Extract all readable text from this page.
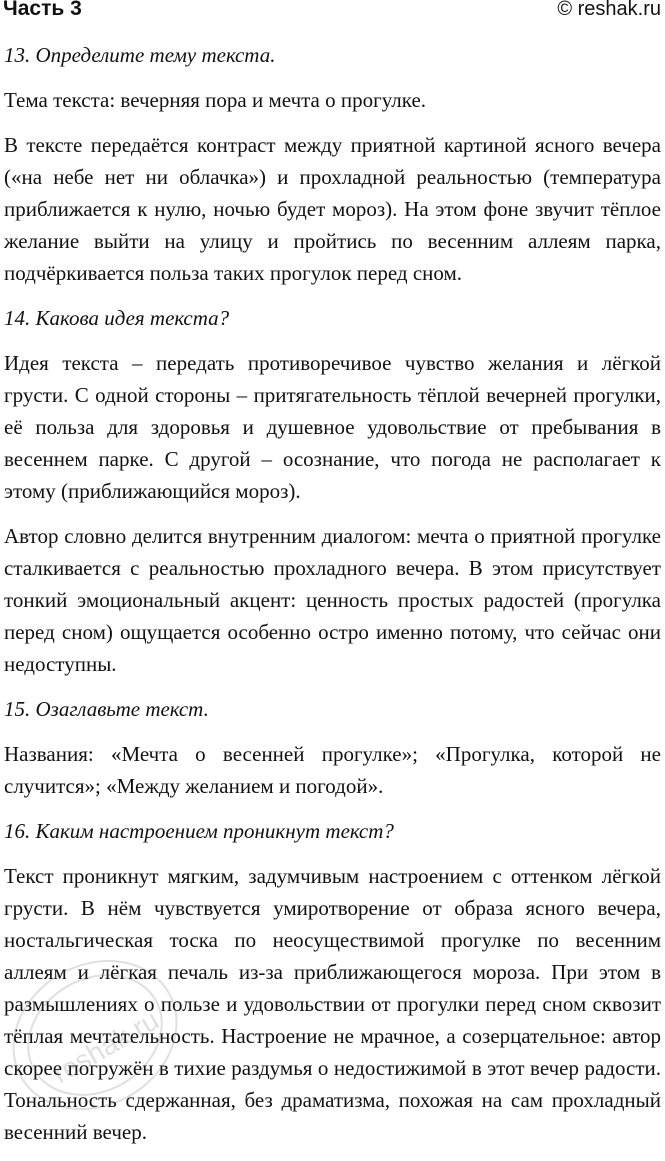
Часть 3	© reshak.ru
13. Определите тему текста.
Тема текста: вечерняя пора и мечта о прогулке.
В тексте передаётся контраст между приятной картиной ясного вечера («на небе нет ни облачка») и прохладной реальностью (температура приближается к нулю, ночью будет мороз). На этом фоне звучит тёплое желание выйти на улицу и пройтись по весенним аллеям парка, подчёркивается польза таких прогулок перед сном.
14. Какова идея текста?
Идея текста – передать противоречивое чувство желания и лёгкой грусти. С одной стороны – притягательность тёплой вечерней прогулки, её польза для здоровья и душевное удовольствие от пребывания в весеннем парке. С другой – осознание, что погода не располагает к этому (приближающийся мороз).
Автор словно делится внутренним диалогом: мечта о приятной прогулке сталкивается с реальностью прохладного вечера. В этом присутствует тонкий эмоциональный акцент: ценность простых радостей (прогулка перед сном) ощущается особенно остро именно потому, что сейчас они недоступны.
15. Озаглавьте текст.
Названия: «Мечта о весенней прогулке»; «Прогулка, которой не случится»; «Между желанием и погодой».
16. Каким настроением проникнут текст?
Текст проникнут мягким, задумчивым настроением с оттенком лёгкой грусти. В нём чувствуется умиротворение от образа ясного вечера, ностальгическая тоска по неосуществимой прогулке по весенним аллеям и лёгкая печаль из-за приближающегося мороза. При этом в размышлениях о пользе и удовольствии от прогулки перед сном сквозит тёплая мечтательность. Настроение не мрачное, а созерцательное: автор скорее погружён в тихие раздумья о недостижимой в этот вечер радости. Тональность сдержанная, без драматизма, похожая на сам прохладный весенний вечер.
reshak.ru
